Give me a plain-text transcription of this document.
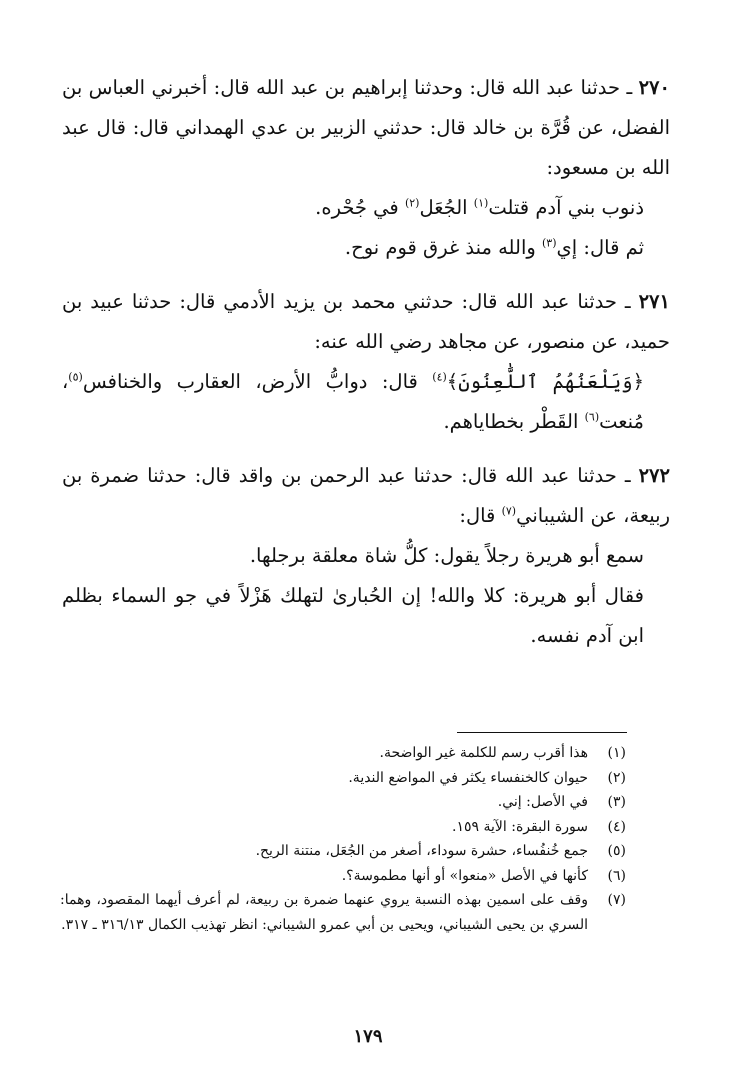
٢٧٠ ـ حدثنا عبد الله قال: وحدثنا إبراهيم بن عبد الله قال: أخبرني العباس بن الفضل، عن قُرَّة بن خالد قال: حدثني الزبير بن عدي الهمداني قال: قال عبد الله بن مسعود:

ذنوب بني آدم قتلت$^{(١)}$ الجُعَل$^{(٢)}$ في جُحْره.

ثم قال: إي$^{(٣)}$ والله منذ غرق قوم نوح.

٢٧١ ـ حدثنا عبد الله قال: حدثني محمد بن يزيد الأدمي قال: حدثنا عبيد بن حميد، عن منصور، عن مجاهد رضي الله عنه:

﴿وَيَلْعَنُهُمُ ٱللَّٰعِنُونَ﴾$^{(٤)}$ قال: دوابُّ الأرض، العقارب والخنافس$^{(٥)}$، مُنعت$^{(٦)}$ القَطْر بخطاياهم.

٢٧٢ ـ حدثنا عبد الله قال: حدثنا عبد الرحمن بن واقد قال: حدثنا ضمرة بن ربيعة، عن الشيباني$^{(٧)}$ قال:

سمع أبو هريرة رجلاً يقول: كلُّ شاة معلقة برجلها.

فقال أبو هريرة: كلا والله! إن الحُبارىٰ لتهلك هَزْلاً في جو السماء بظلم ابن آدم نفسه.

(١)
هذا أقرب رسم للكلمة غير الواضحة.
(٢)
حيوان كالخنفساء يكثر في المواضع الندية.
(٣)
في الأصل: إني.
(٤)
سورة البقرة: الآية ١٥٩.
(٥)
جمع خُنفُساء، حشرة سوداء، أصغر من الجُعَل، منتنة الريح.
(٦)
كأنها في الأصل «منعوا» أو أنها مطموسة؟.
(٧)
وقف على اسمين بهذه النسبة يروي عنهما ضمرة بن ربيعة، لم أعرف أيهما المقصود، وهما: السري بن يحيى الشيباني، ويحيى بن أبي عمرو الشيباني: انظر تهذيب الكمال ٣١٦/١٣ ـ ٣١٧.
١٧٩
